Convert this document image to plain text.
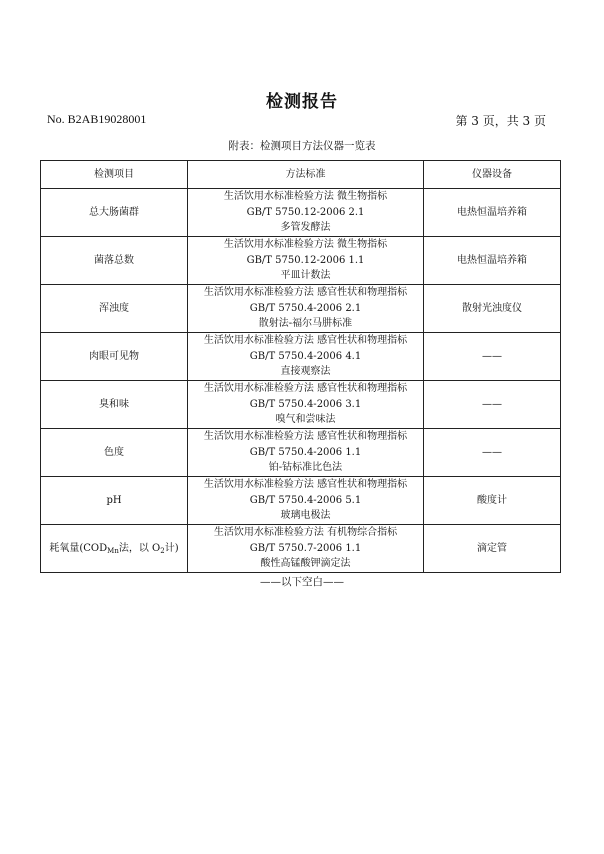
检测报告
No. B2AB19028001	第 3 页，共 3 页
附表：检测项目方法仪器一览表
检测项目	方法标准	仪器设备
总大肠菌群	生活饮用水标准检验方法 微生物指标
GB/T 5750.12-2006 2.1
多管发酵法	电热恒温培养箱
菌落总数	生活饮用水标准检验方法 微生物指标
GB/T 5750.12-2006 1.1
平皿计数法	电热恒温培养箱
浑浊度	生活饮用水标准检验方法 感官性状和物理指标
GB/T 5750.4-2006 2.1
散射法-福尔马肼标准	散射光浊度仪
肉眼可见物	生活饮用水标准检验方法 感官性状和物理指标
GB/T 5750.4-2006 4.1
直接观察法	——
臭和味	生活饮用水标准检验方法 感官性状和物理指标
GB/T 5750.4-2006 3.1
嗅气和尝味法	——
色度	生活饮用水标准检验方法 感官性状和物理指标
GB/T 5750.4-2006 1.1
铂-钴标准比色法	——
pH	生活饮用水标准检验方法 感官性状和物理指标
GB/T 5750.4-2006 5.1
玻璃电极法	酸度计
耗氧量($COD_{Mn}$法，以 $O_2$计)	生活饮用水标准检验方法 有机物综合指标
GB/T 5750.7-2006 1.1
酸性高锰酸钾滴定法	滴定管
——以下空白——
